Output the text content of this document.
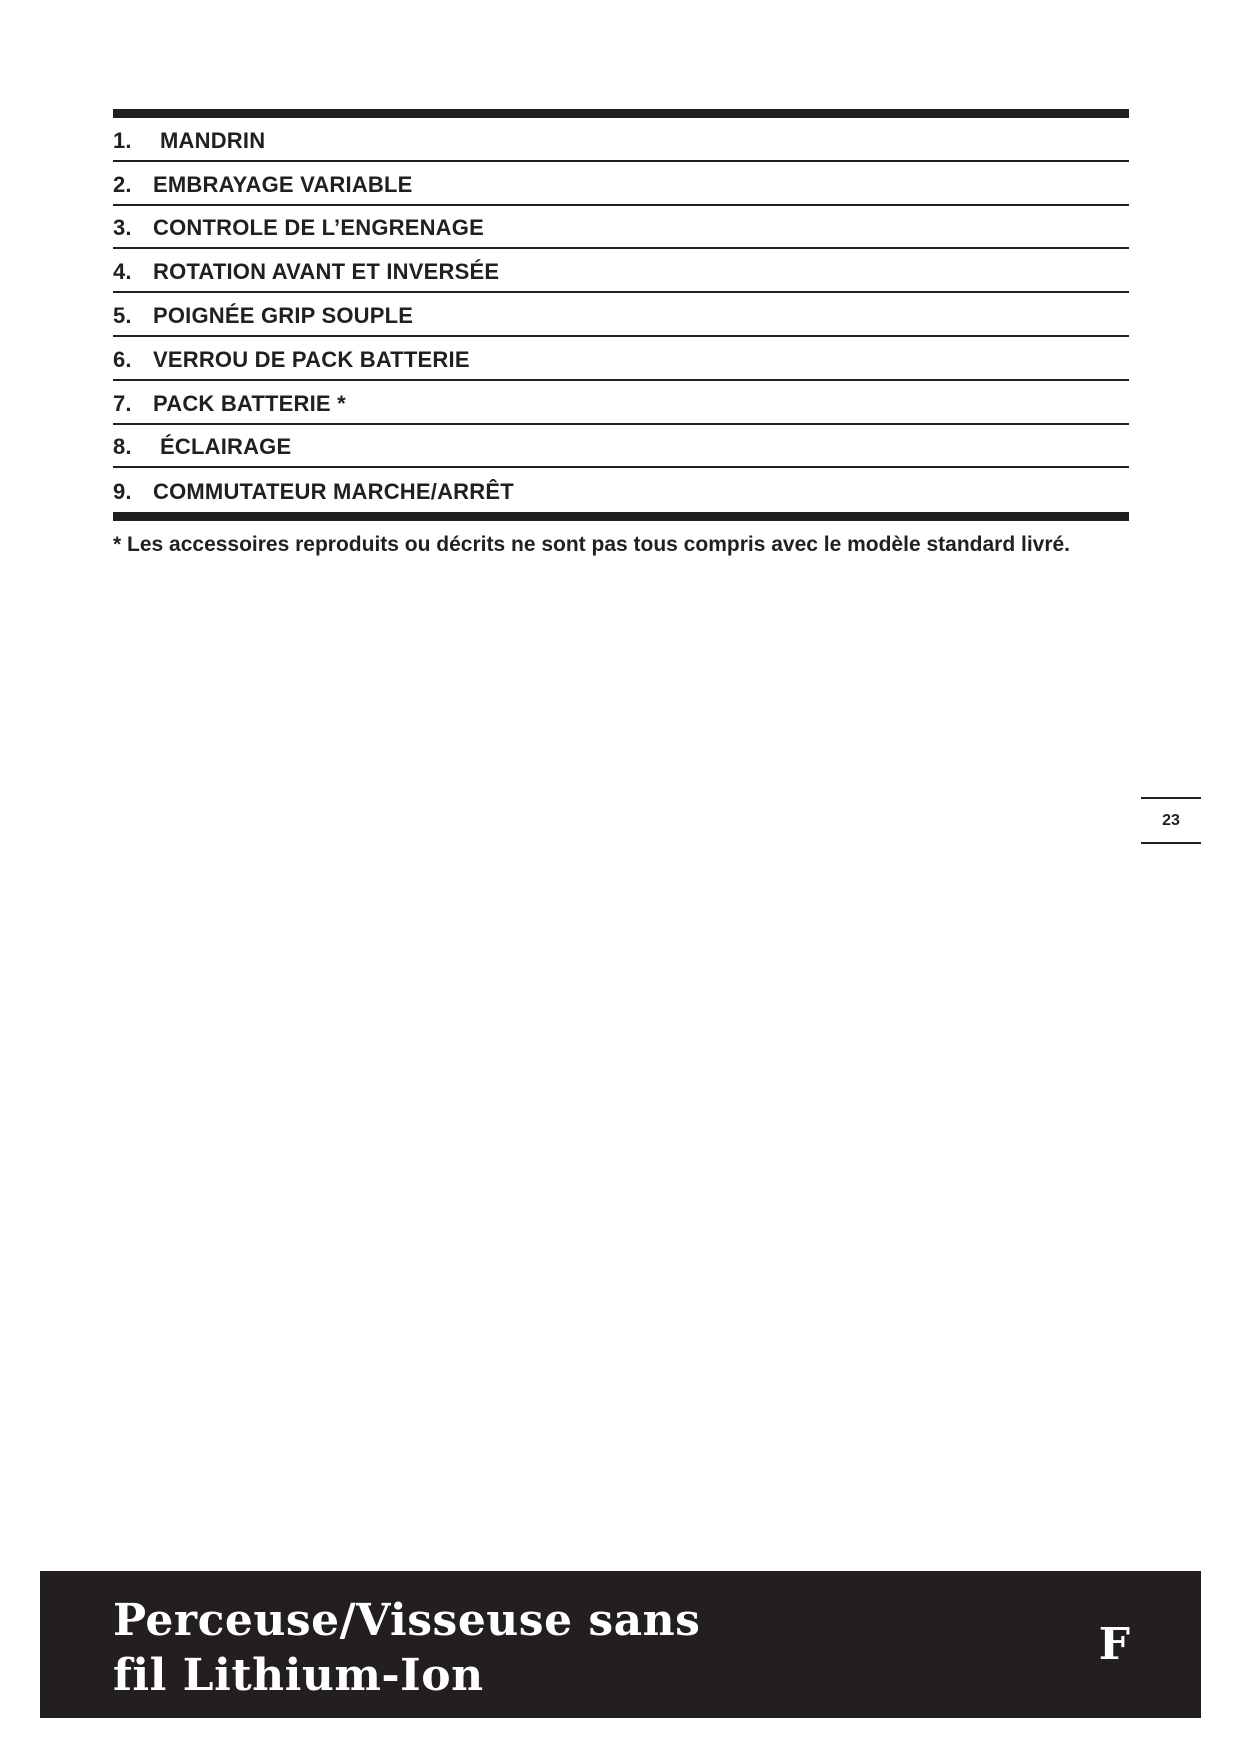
1.	MANDRIN
2. EMBRAYAGE VARIABLE
3. CONTROLE DE L’ENGRENAGE
4. ROTATION AVANT ET INVERSÉE
5. POIGNÉE GRIP SOUPLE
6. VERROU DE PACK BATTERIE
7. PACK BATTERIE *
8.	ÉCLAIRAGE
9. COMMUTATEUR MARCHE/ARRÊT
* Les accessoires reproduits ou décrits ne sont pas tous compris avec le modèle standard livré.
23
Perceuse/Visseuse sans
fil Lithium-Ion
F
